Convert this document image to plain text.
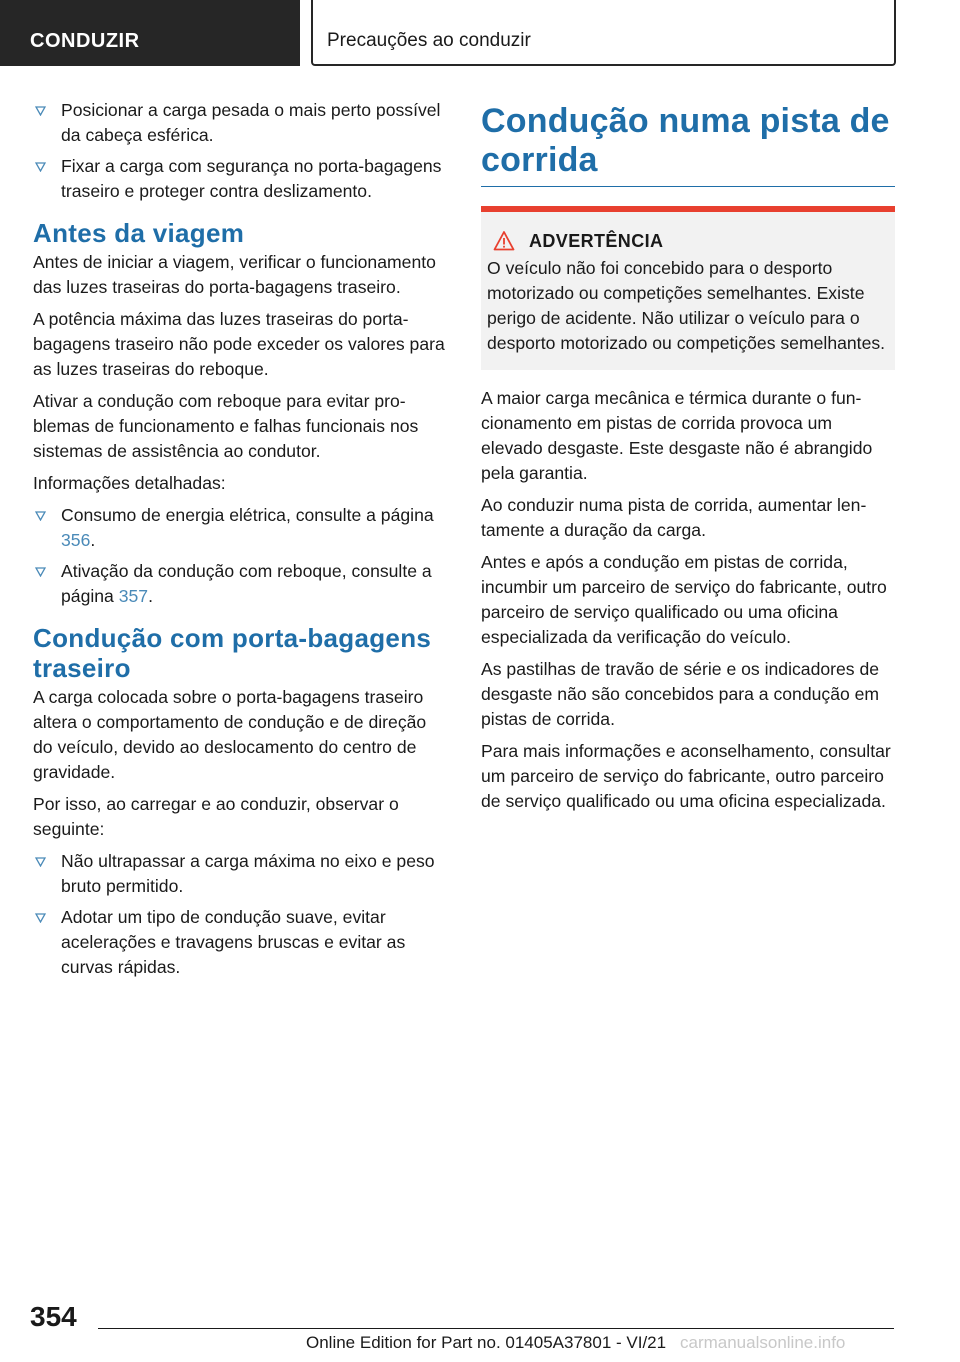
CONDUZIR	Precauções ao conduzir
Posicionar a carga pesada o mais perto possível da cabeça esférica.
Fixar a carga com segurança no porta-bagagens traseiro e proteger contra deslizamento.
Antes da viagem

Antes de iniciar a viagem, verificar o funcionamento das luzes traseiras do porta-bagagens traseiro.

A potência máxima das luzes traseiras do porta-bagagens traseiro não pode exceder os valores para as luzes traseiras do reboque.

Ativar a condução com reboque para evitar problemas de funcionamento e falhas funcionais nos sistemas de assistência ao condutor.

Informações detalhadas:

Consumo de energia elétrica, consulte a página 356.
Ativação da condução com reboque, consulte a página 357.
Condução com porta-bagagens traseiro

A carga colocada sobre o porta-bagagens traseiro altera o comportamento de condução e de direção do veículo, devido ao deslocamento do centro de gravidade.

Por isso, ao carregar e ao conduzir, observar o seguinte:

Não ultrapassar a carga máxima no eixo e peso bruto permitido.
Adotar um tipo de condução suave, evitar acelerações e travagens bruscas e evitar as curvas rápidas.
Condução numa pista de corrida
ADVERTÊNCIA

O veículo não foi concebido para o desporto motorizado ou competições semelhantes. Existe perigo de acidente. Não utilizar o veículo para o desporto motorizado ou competições semelhantes.

A maior carga mecânica e térmica durante o funcionamento em pistas de corrida provoca um elevado desgaste. Este desgaste não é abrangido pela garantia.

Ao conduzir numa pista de corrida, aumentar lentamente a duração da carga.

Antes e após a condução em pistas de corrida, incumbir um parceiro de serviço do fabricante, outro parceiro de serviço qualificado ou uma oficina especializada da verificação do veículo.

As pastilhas de travão de série e os indicadores de desgaste não são concebidos para a condução em pistas de corrida.

Para mais informações e aconselhamento, consultar um parceiro de serviço do fabricante, outro parceiro de serviço qualificado ou uma oficina especializada.

354
Online Edition for Part no. 01405A37801 - VI/21 carmanualsonline.info
